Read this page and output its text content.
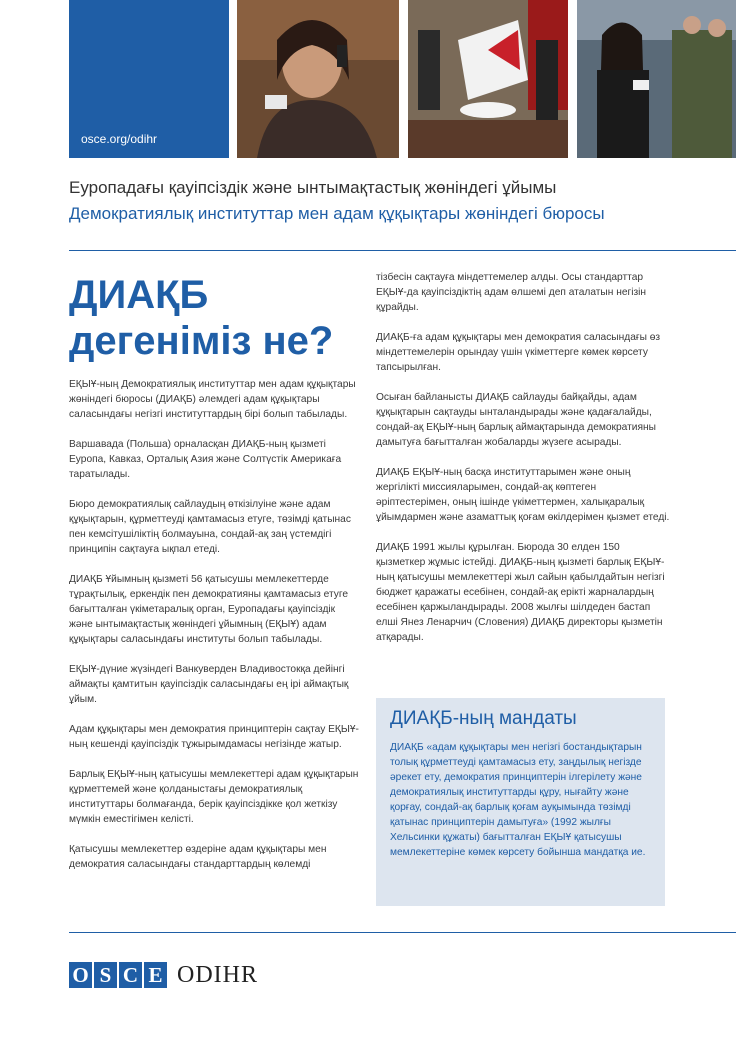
osce.org/odihr
Еуропадағы қауіпсіздік және ынтымақтастық жөніндегі ұйымы
Демократиялық институттар мен адам құқықтары жөніндегі бюросы
ДИАҚБ дегеніміз не?

ЕҚЫҰ-ның Демократиялық институттар мен адам құқықтары жөніндегі бюросы (ДИАҚБ) әлемдегі адам құқықтары саласындағы негізгі институттардың бірі болып табылады.

Варшавада (Польша) орналасқан ДИАҚБ-ның қызметі Еуропа, Кавказ, Орталық Азия және Солтүстік Америкаға таратылады.

Бюро демократиялық сайлаудың өткізілуіне және адам құқықтарын, құрметтеуді қамтамасыз етуге, төзімді қатынас пен кемсітушіліктің болмауына, сондай-ақ заң үстемдігі принципін сақтауға ықпал етеді.

ДИАҚБ Ұйымның қызметі 56 қатысушы мемлекеттерде тұрақтылық, еркендік пен демократияны қамтамасыз етуге бағытталған үкіметаралық орган, Еуропадағы қауіпсіздік және ынтымақтастық жөніндегі ұйымның (ЕҚЫҰ) адам құқықтары саласындағы институты болып табылады.

ЕҚЫҰ-дүние жүзіндегі Ванкуверден Владивостокқа дейінгі аймақты қамтитын қауіпсіздік саласындағы ең ірі аймақтық ұйым.

Адам құқықтары мен демократия принциптерін сақтау ЕҚЫҰ-ның кешенді қауіпсіздік тұжырымдамасы негізінде жатыр.

Барлық ЕҚЫҰ-ның қатысушы мемлекеттері адам құқықтарын құрметтемей және қолданыстағы демократиялық институттары болмағанда, берік қауіпсіздікке қол жеткізу мүмкін еместігімен келісті.

Қатысушы мемлекеттер өздеріне адам құқықтары мен демократия саласындағы стандарттардың көлемді

тізбесін сақтауға міндеттемелер алды. Осы стандарттар ЕҚЫҰ-да қауіпсіздіктің адам өлшемі деп аталатын негізін құрайды.

ДИАҚБ-ға адам құқықтары мен демократия саласындағы өз міндеттемелерін орындау үшін үкіметтерге көмек көрсету тапсырылған.

Осыған байланысты ДИАҚБ сайлауды байқайды, адам құқықтарын сақтауды ынталандырады және қадағалайды, сондай-ақ ЕҚЫҰ-ның барлық аймақтарында демократияны дамытуға бағытталған жобаларды жүзеге асырады.

ДИАҚБ ЕҚЫҰ-ның басқа институттарымен және оның жергілікті миссияларымен, сондай-ақ көптеген әріптестерімен, оның ішінде үкіметтермен, халықаралық ұйымдармен және азаматтық қоғам өкілдерімен қызмет етеді.

ДИАҚБ 1991 жылы құрылған. Бюрода 30 елден 150 қызметкер жұмыс істейді. ДИАҚБ-ның қызметі барлық ЕҚЫҰ-ның қатысушы мемлекеттері жыл сайын қабылдайтын негізгі бюджет қаражаты есебінен, сондай-ақ ерікті жарналардың есебінен қаржыландырады. 2008 жылғы шілдеден бастап елші Янез Ленарчич (Словения) ДИАҚБ директоры қызметін атқарады.

ДИАҚБ-ның мандаты

ДИАҚБ «адам құқықтары мен негізгі бостандықтарын толық құрметтеуді қамтамасыз ету, заңдылық негізде әрекет ету, демократия принциптерін ілгерілету және демократиялық институттарды құру, нығайту және қорғау, сондай-ақ барлық қоғам ауқымында төзімді қатынас принциптерін дамытуға» (1992 жылғы Хельсинки құжаты) бағытталған ЕҚЫҰ қатысушы мемлекеттеріне көмек көрсету бойынша мандатқа ие.

O S C E ODIHR
